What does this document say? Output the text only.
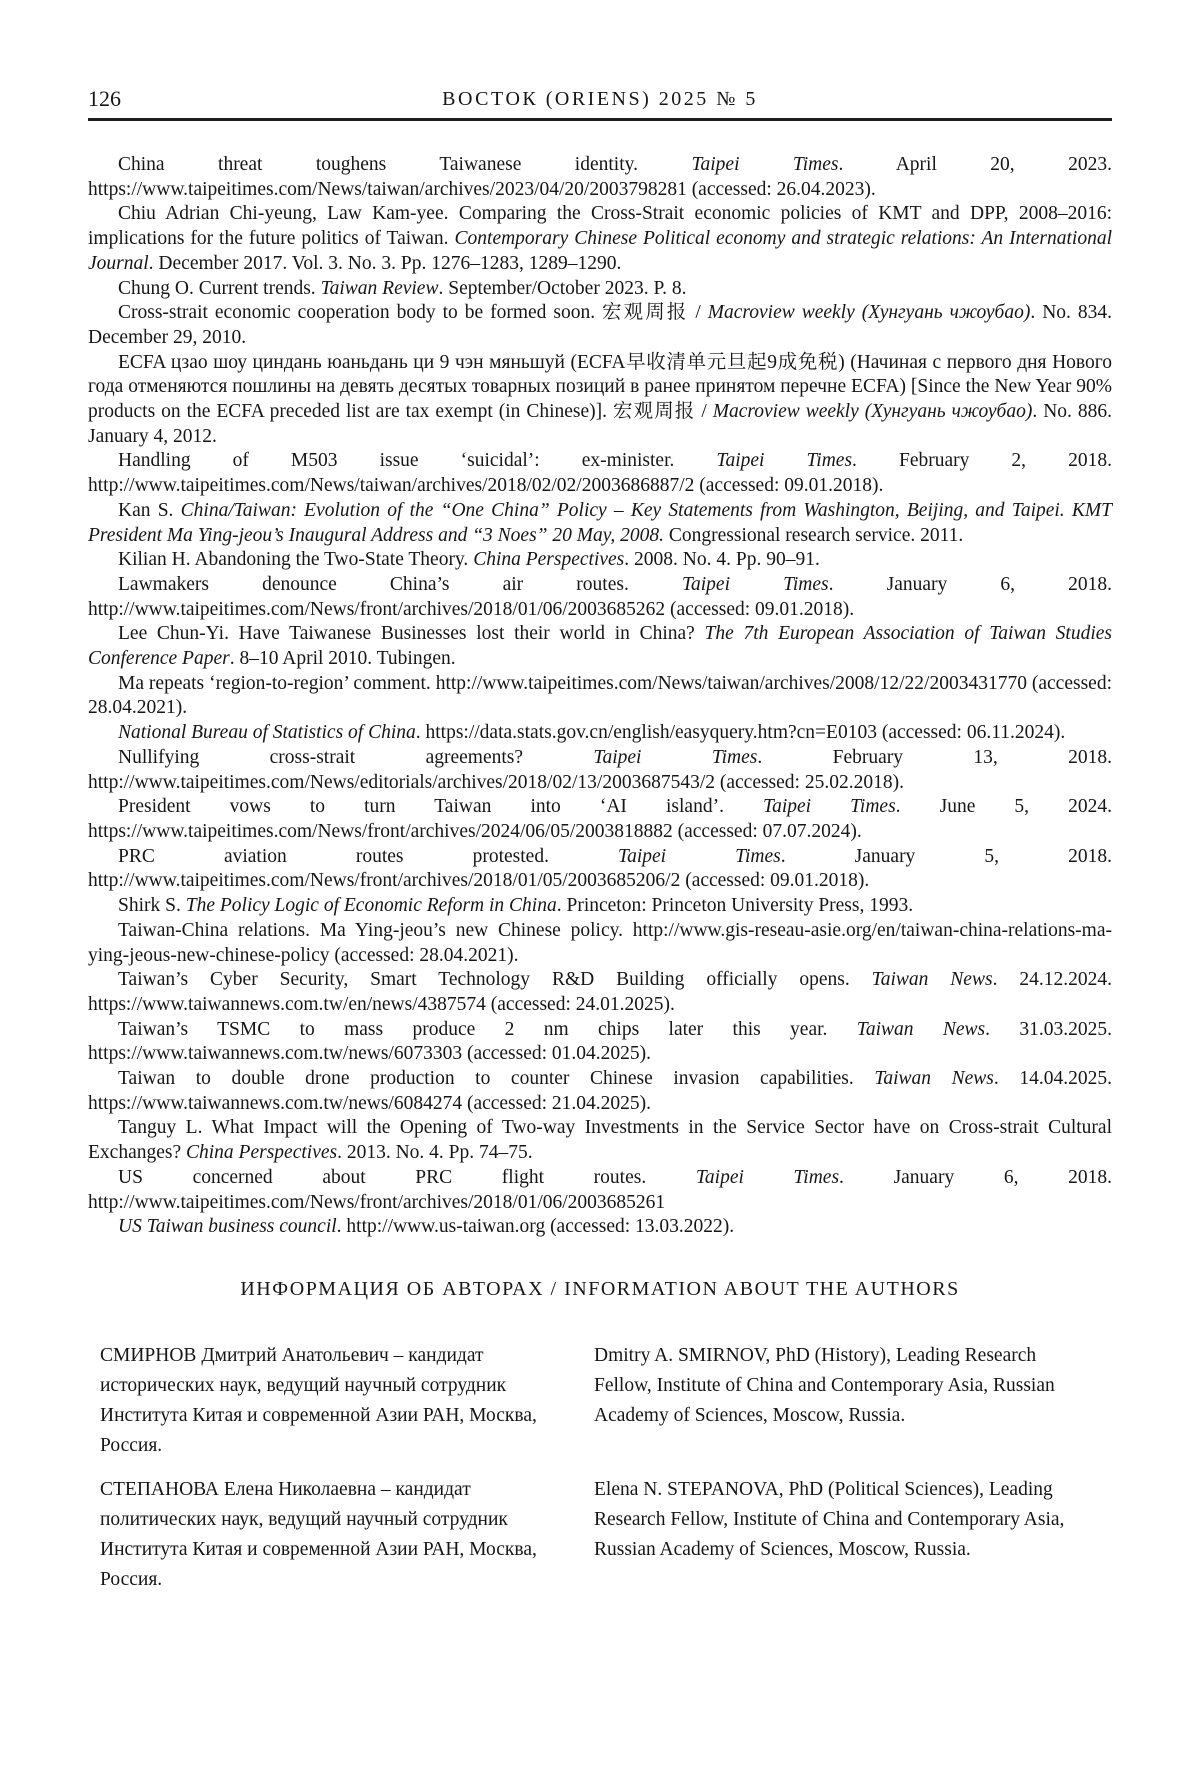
126	ВОСТОК (ORIENS) 2025 № 5

China threat toughens Taiwanese identity. Taipei Times. April 20, 2023. https://www.taipeitimes.com/News/taiwan/archives/2023/04/20/2003798281 (accessed: 26.04.2023).

Chiu Adrian Chi-yeung, Law Kam-yee. Comparing the Cross-Strait economic policies of KMT and DPP, 2008–2016: implications for the future politics of Taiwan. Contemporary Chinese Political economy and strategic relations: An International Journal. December 2017. Vol. 3. No. 3. Pp. 1276–1283, 1289–1290.

Chung O. Current trends. Taiwan Review. September/October 2023. P. 8.

Cross-strait economic cooperation body to be formed soon. 宏观周报 / Macroview weekly (Хунгуань чжоубао). No. 834. December 29, 2010.

ECFA цзао шоу циндань юаньдань ци 9 чэн мяньшуй (ECFA早收清单元旦起9成免税) (Начиная с первого дня Нового года отменяются пошлины на девять десятых товарных позиций в ранее принятом перечне ECFA) [Since the New Year 90% products on the ECFA preceded list are tax exempt (in Chinese)]. 宏观周报 / Macroview weekly (Хунгуань чжоубао). No. 886. January 4, 2012.

Handling of M503 issue ‘suicidal’: ex-minister. Taipei Times. February 2, 2018. http://www.taipeitimes.com/News/taiwan/archives/2018/02/02/2003686887/2 (accessed: 09.01.2018).

Kan S. China/Taiwan: Evolution of the “One China” Policy – Key Statements from Washington, Beijing, and Taipei. KMT President Ma Ying-jeou’s Inaugural Address and “3 Noes” 20 May, 2008. Congressional research service. 2011.

Kilian H. Abandoning the Two-State Theory. China Perspectives. 2008. No. 4. Pp. 90–91.

Lawmakers denounce China’s air routes. Taipei Times. January 6, 2018. http://www.taipeitimes.com/News/front/archives/2018/01/06/2003685262 (accessed: 09.01.2018).

Lee Chun-Yi. Have Taiwanese Businesses lost their world in China? The 7th European Association of Taiwan Studies Conference Paper. 8–10 April 2010. Tubingen.

Ma repeats ‘region-to-region’ comment. http://www.taipeitimes.com/News/taiwan/archives/2008/12/22/2003431770 (accessed: 28.04.2021).

National Bureau of Statistics of China. https://data.stats.gov.cn/english/easyquery.htm?cn=E0103 (accessed: 06.11.2024).

Nullifying cross-strait agreements? Taipei Times. February 13, 2018. http://www.taipeitimes.com/News/editorials/archives/2018/02/13/2003687543/2 (accessed: 25.02.2018).

President vows to turn Taiwan into ‘AI island’. Taipei Times. June 5, 2024. https://www.taipeitimes.com/News/front/archives/2024/06/05/2003818882 (accessed: 07.07.2024).

PRC aviation routes protested. Taipei Times. January 5, 2018. http://www.taipeitimes.com/News/front/archives/2018/01/05/2003685206/2 (accessed: 09.01.2018).

Shirk S. The Policy Logic of Economic Reform in China. Princeton: Princeton University Press, 1993.

Taiwan-China relations. Ma Ying-jeou’s new Chinese policy. http://www.gis-reseau-asie.org/en/taiwan-china-relations-ma-ying-jeous-new-chinese-policy (accessed: 28.04.2021).

Taiwan’s Cyber Security, Smart Technology R&D Building officially opens. Taiwan News. 24.12.2024. https://www.taiwannews.com.tw/en/news/4387574 (accessed: 24.01.2025).

Taiwan’s TSMC to mass produce 2 nm chips later this year. Taiwan News. 31.03.2025. https://www.taiwannews.com.tw/news/6073303 (accessed: 01.04.2025).

Taiwan to double drone production to counter Chinese invasion capabilities. Taiwan News. 14.04.2025. https://www.taiwannews.com.tw/news/6084274 (accessed: 21.04.2025).

Tanguy L. What Impact will the Opening of Two-way Investments in the Service Sector have on Cross-strait Cultural Exchanges? China Perspectives. 2013. No. 4. Pp. 74–75.

US concerned about PRC flight routes. Taipei Times. January 6, 2018. http://www.taipeitimes.com/News/front/archives/2018/01/06/2003685261

US Taiwan business council. http://www.us-taiwan.org (accessed: 13.03.2022).

ИНФОРМАЦИЯ ОБ АВТОРАХ / INFORMATION ABOUT THE AUTHORS

СМИРНОВ Дмитрий Анатольевич – кандидат исторических наук, ведущий научный сотрудник Института Китая и современной Азии РАН, Москва, Россия.

Dmitry A. SMIRNOV, PhD (History), Leading Research Fellow, Institute of China and Contemporary Asia, Russian Academy of Sciences, Moscow, Russia.

СТЕПАНОВА Елена Николаевна – кандидат политических наук, ведущий научный сотрудник Института Китая и современной Азии РАН, Москва, Россия.

Elena N. STEPANOVA, PhD (Political Sciences), Leading Research Fellow, Institute of China and Contemporary Asia, Russian Academy of Sciences, Moscow, Russia.
